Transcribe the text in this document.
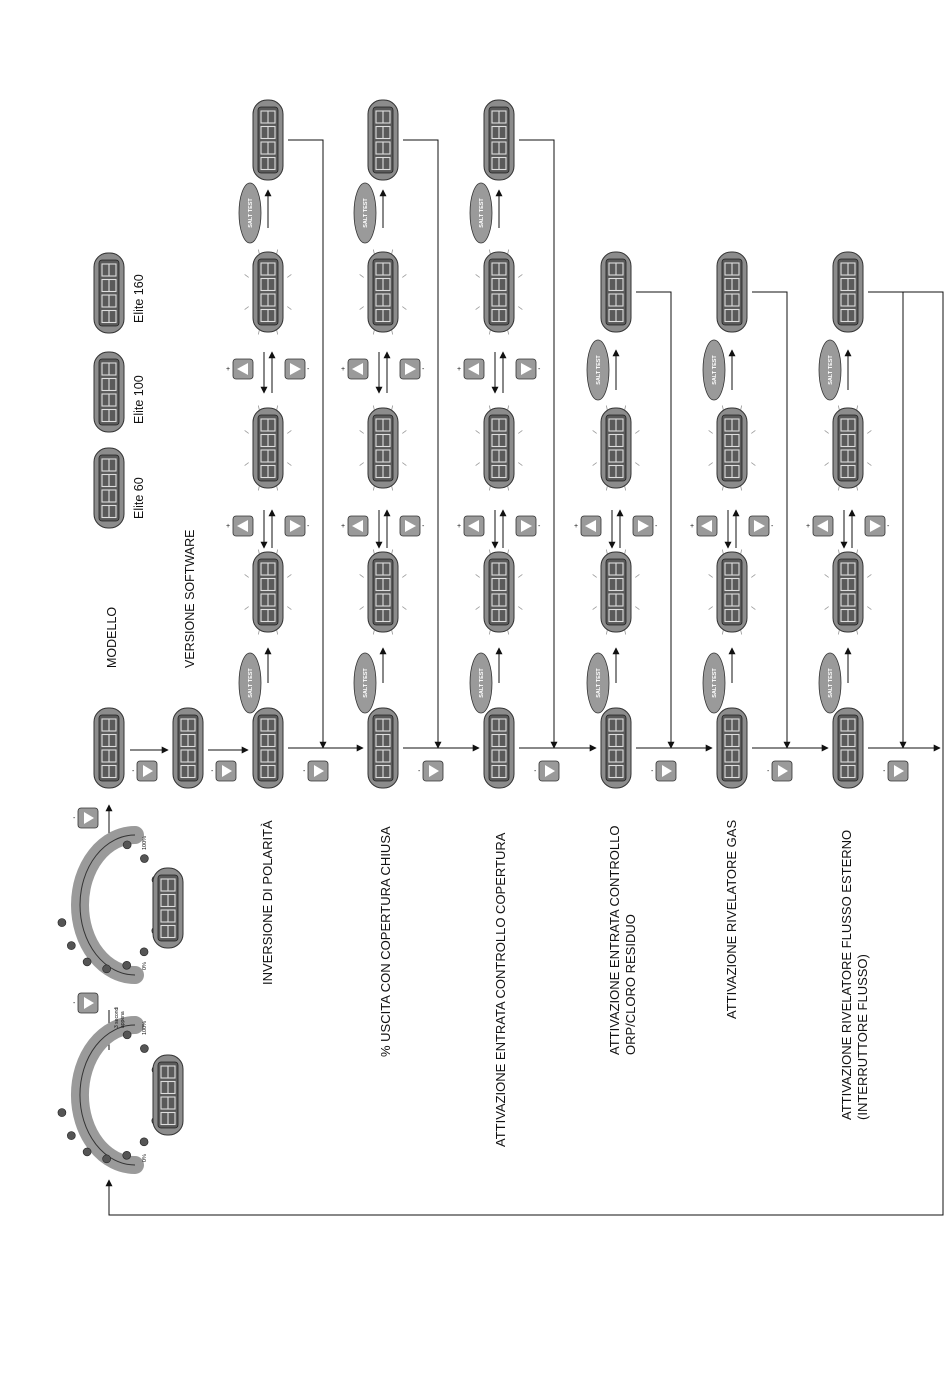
-
-
-	-
SALT TEST
+	-
+	-
SALT TEST
-
SALT TEST
+	-
+	-
SALT TEST
-
SALT TEST
+	-
+	-
SALT TEST
-
SALT TEST
+	-
SALT TEST
-
SALT TEST
+	-
SALT TEST
-
SALT TEST
+	-
SALT TEST
-
MODELLO	VERSIONE SOFTWARE
Elite 60
Elite 100
Elite 160
INVERSIONE DI POLARITÀ	% USCITA CON COPERTURA CHIUSA	ATTIVAZIONE ENTRATA CONTROLLO COPERTURA	ATTIVAZIONE ENTRATA CONTROLLO ORP/CLORO RESIDUO	ATTIVAZIONE RIVELATORE GAS	ATTIVAZIONE RIVELATORE FLUSSO ESTERNO (INTERRUTTORE FLUSSO)
0%
100%
0%
100%
3 secondi appena
